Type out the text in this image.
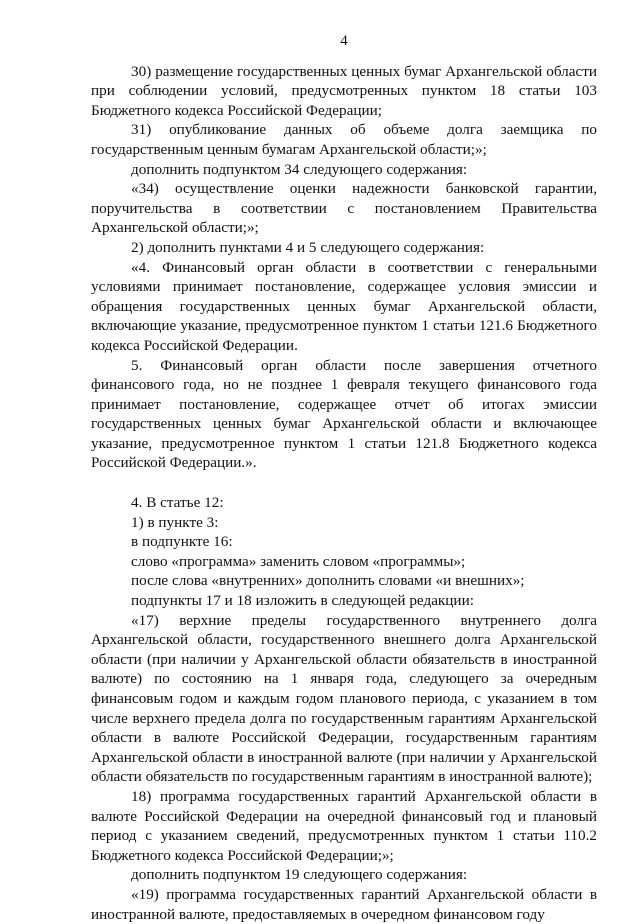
4

30) размещение государственных ценных бумаг Архангельской области при соблюдении условий, предусмотренных пунктом 18 статьи 103 Бюджетного кодекса Российской Федерации;

31) опубликование данных об объеме долга заемщика по государственным ценным бумагам Архангельской области;»;

дополнить подпунктом 34 следующего содержания:

«34) осуществление оценки надежности банковской гарантии, поручительства в соответствии с постановлением Правительства Архангельской области;»;

2) дополнить пунктами 4 и 5 следующего содержания:

«4. Финансовый орган области в соответствии с генеральными условиями принимает постановление, содержащее условия эмиссии и обращения государственных ценных бумаг Архангельской области, включающие указание, предусмотренное пунктом 1 статьи 121.6 Бюджетного кодекса Российской Федерации.

5. Финансовый орган области после завершения отчетного финансового года, но не позднее 1 февраля текущего финансового года принимает постановление, содержащее отчет об итогах эмиссии государственных ценных бумаг Архангельской области и включающее указание, предусмотренное пунктом 1 статьи 121.8 Бюджетного кодекса Российской Федерации.».

4. В статье 12:

1) в пункте 3:

в подпункте 16:

слово «программа» заменить словом «программы»;

после слова «внутренних» дополнить словами «и внешних»;

подпункты 17 и 18 изложить в следующей редакции:

«17) верхние пределы государственного внутреннего долга Архангельской области, государственного внешнего долга Архангельской области (при наличии у Архангельской области обязательств в иностранной валюте) по состоянию на 1 января года, следующего за очередным финансовым годом и каждым годом планового периода, с указанием в том числе верхнего предела долга по государственным гарантиям Архангельской области в валюте Российской Федерации, государственным гарантиям Архангельской области в иностранной валюте (при наличии у Архангельской области обязательств по государственным гарантиям в иностранной валюте);

18) программа государственных гарантий Архангельской области в валюте Российской Федерации на очередной финансовый год и плановый период с указанием сведений, предусмотренных пунктом 1 статьи 110.2 Бюджетного кодекса Российской Федерации;»;

дополнить подпунктом 19 следующего содержания:

«19) программа государственных гарантий Архангельской области в иностранной валюте, предоставляемых в очередном финансовом году
